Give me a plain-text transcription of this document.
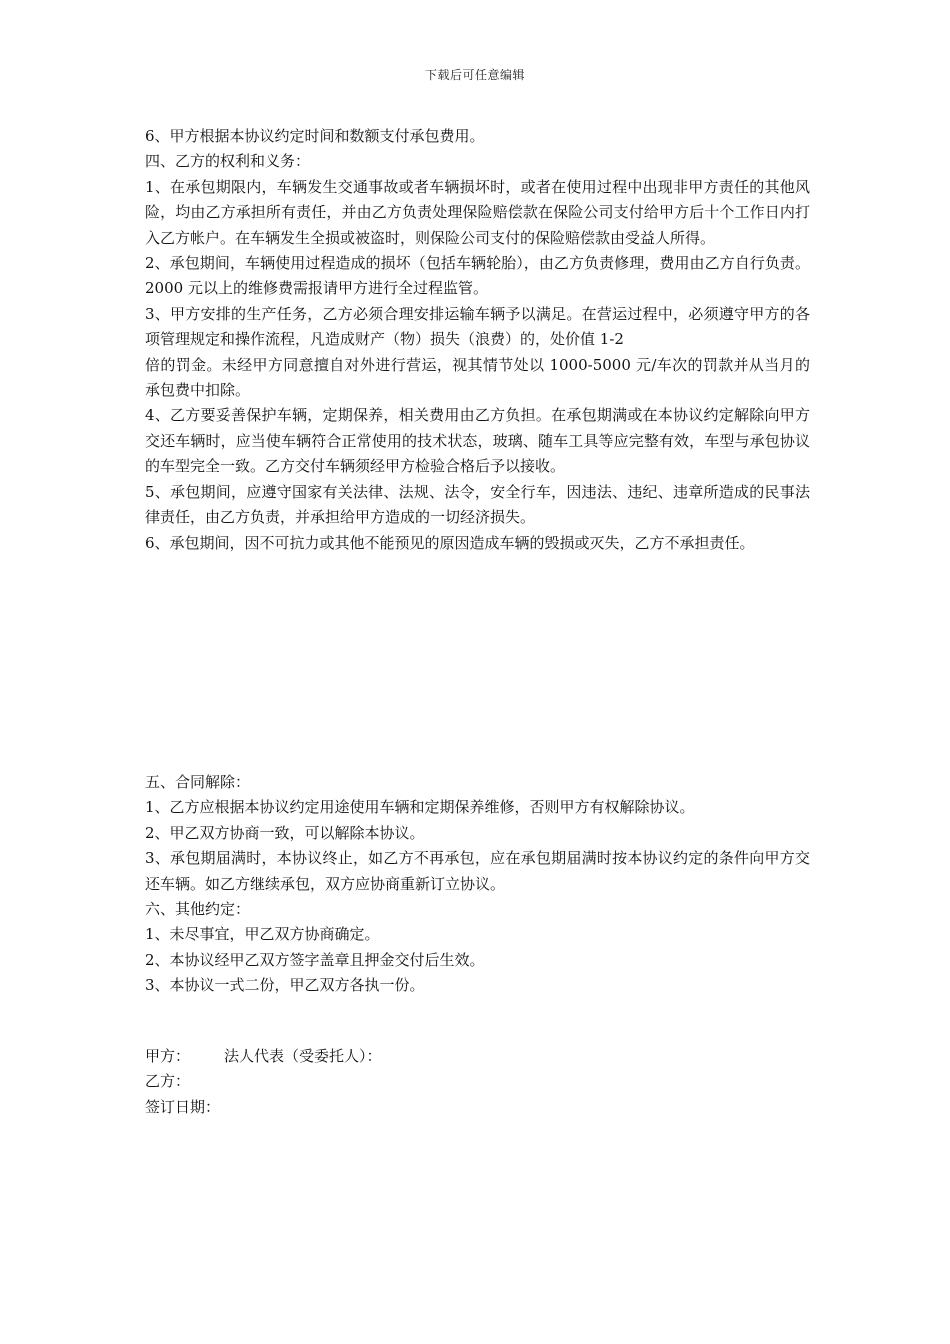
下载后可任意编辑

6、甲方根据本协议约定时间和数额支付承包费用。

四、乙方的权利和义务：

1、在承包期限内，车辆发生交通事故或者车辆损坏时，或者在使用过程中出现非甲方责任的其他风险，均由乙方承担所有责任，并由乙方负责处理保险赔偿款在保险公司支付给甲方后十个工作日内打入乙方帐户。在车辆发生全损或被盗时，则保险公司支付的保险赔偿款由受益人所得。

2、承包期间，车辆使用过程造成的损坏（包括车辆轮胎），由乙方负责修理，费用由乙方自行负责。2000 元以上的维修费需报请甲方进行全过程监管。

3、甲方安排的生产任务，乙方必须合理安排运输车辆予以满足。在营运过程中，必须遵守甲方的各项管理规定和操作流程，凡造成财产（物）损失（浪费）的，处价值 1-2

倍的罚金。未经甲方同意擅自对外进行营运，视其情节处以 1000-5000 元/车次的罚款并从当月的承包费中扣除。

4、乙方要妥善保护车辆，定期保养，相关费用由乙方负担。在承包期满或在本协议约定解除向甲方交还车辆时，应当使车辆符合正常使用的技术状态，玻璃、随车工具等应完整有效，车型与承包协议的车型完全一致。乙方交付车辆须经甲方检验合格后予以接收。

5、承包期间，应遵守国家有关法律、法规、法令，安全行车，因违法、违纪、违章所造成的民事法律责任，由乙方负责，并承担给甲方造成的一切经济损失。

6、承包期间，因不可抗力或其他不能预见的原因造成车辆的毁损或灭失，乙方不承担责任。

五、合同解除：

1、乙方应根据本协议约定用途使用车辆和定期保养维修，否则甲方有权解除协议。

2、甲乙双方协商一致，可以解除本协议。

3、承包期届满时，本协议终止，如乙方不再承包，应在承包期届满时按本协议约定的条件向甲方交还车辆。如乙方继续承包，双方应协商重新订立协议。

六、其他约定：

1、未尽事宜，甲乙双方协商确定。

2、本协议经甲乙双方签字盖章且押金交付后生效。

3、本协议一式二份，甲乙双方各执一份。

甲方： 法人代表（受委托人）：

乙方：

签订日期：
